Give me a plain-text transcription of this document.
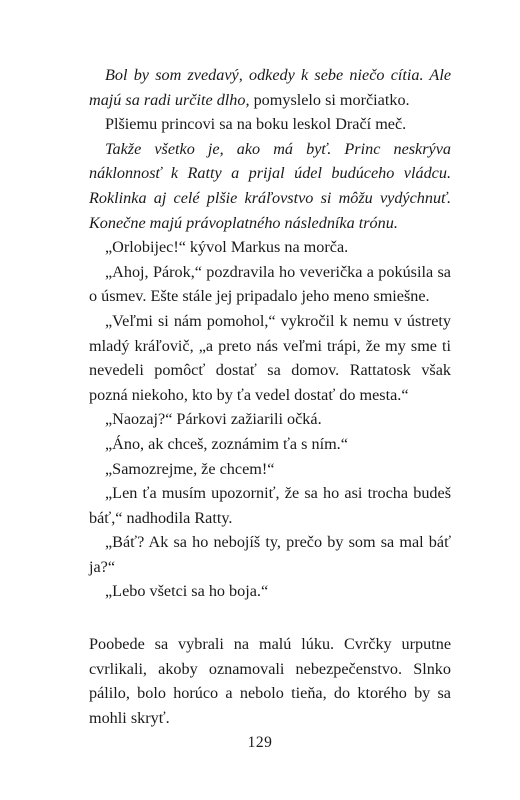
Bol by som zvedavý, odkedy k sebe niečo cítia. Ale majú sa radi určite dlho, pomyslelo si morčiatko.

Plšiemu princovi sa na boku leskol Dračí meč.

Takže všetko je, ako má byť. Princ neskrýva náklonnosť k Ratty a prijal údel budúceho vládcu. Roklinka aj celé plšie kráľovstvo si môžu vydýchnuť. Konečne majú právoplatného následníka trónu.

„Orlobijec!“ kývol Markus na morča.

„Ahoj, Párok,“ pozdravila ho veverička a pokúsila sa o úsmev. Ešte stále jej pripadalo jeho meno smiešne.

„Veľmi si nám pomohol,“ vykročil k nemu v ústrety mladý kráľovič, „a preto nás veľmi trápi, že my sme ti nevedeli pomôcť dostať sa domov. Rattatosk však pozná niekoho, kto by ťa vedel dostať do mesta.“

„Naozaj?“ Párkovi zažiarili očká.

„Áno, ak chceš, zoznámim ťa s ním.“

„Samozrejme, že chcem!“

„Len ťa musím upozorniť, že sa ho asi trocha budeš báť,“ nadhodila Ratty.

„Báť? Ak sa ho nebojíš ty, prečo by som sa mal báť ja?“

„Lebo všetci sa ho boja.“

Poobede sa vybrali na malú lúku. Cvrčky urputne cvrlikali, akoby oznamovali nebezpečenstvo. Slnko pálilo, bolo horúco a nebolo tieňa, do ktorého by sa mohli skryť.

129
